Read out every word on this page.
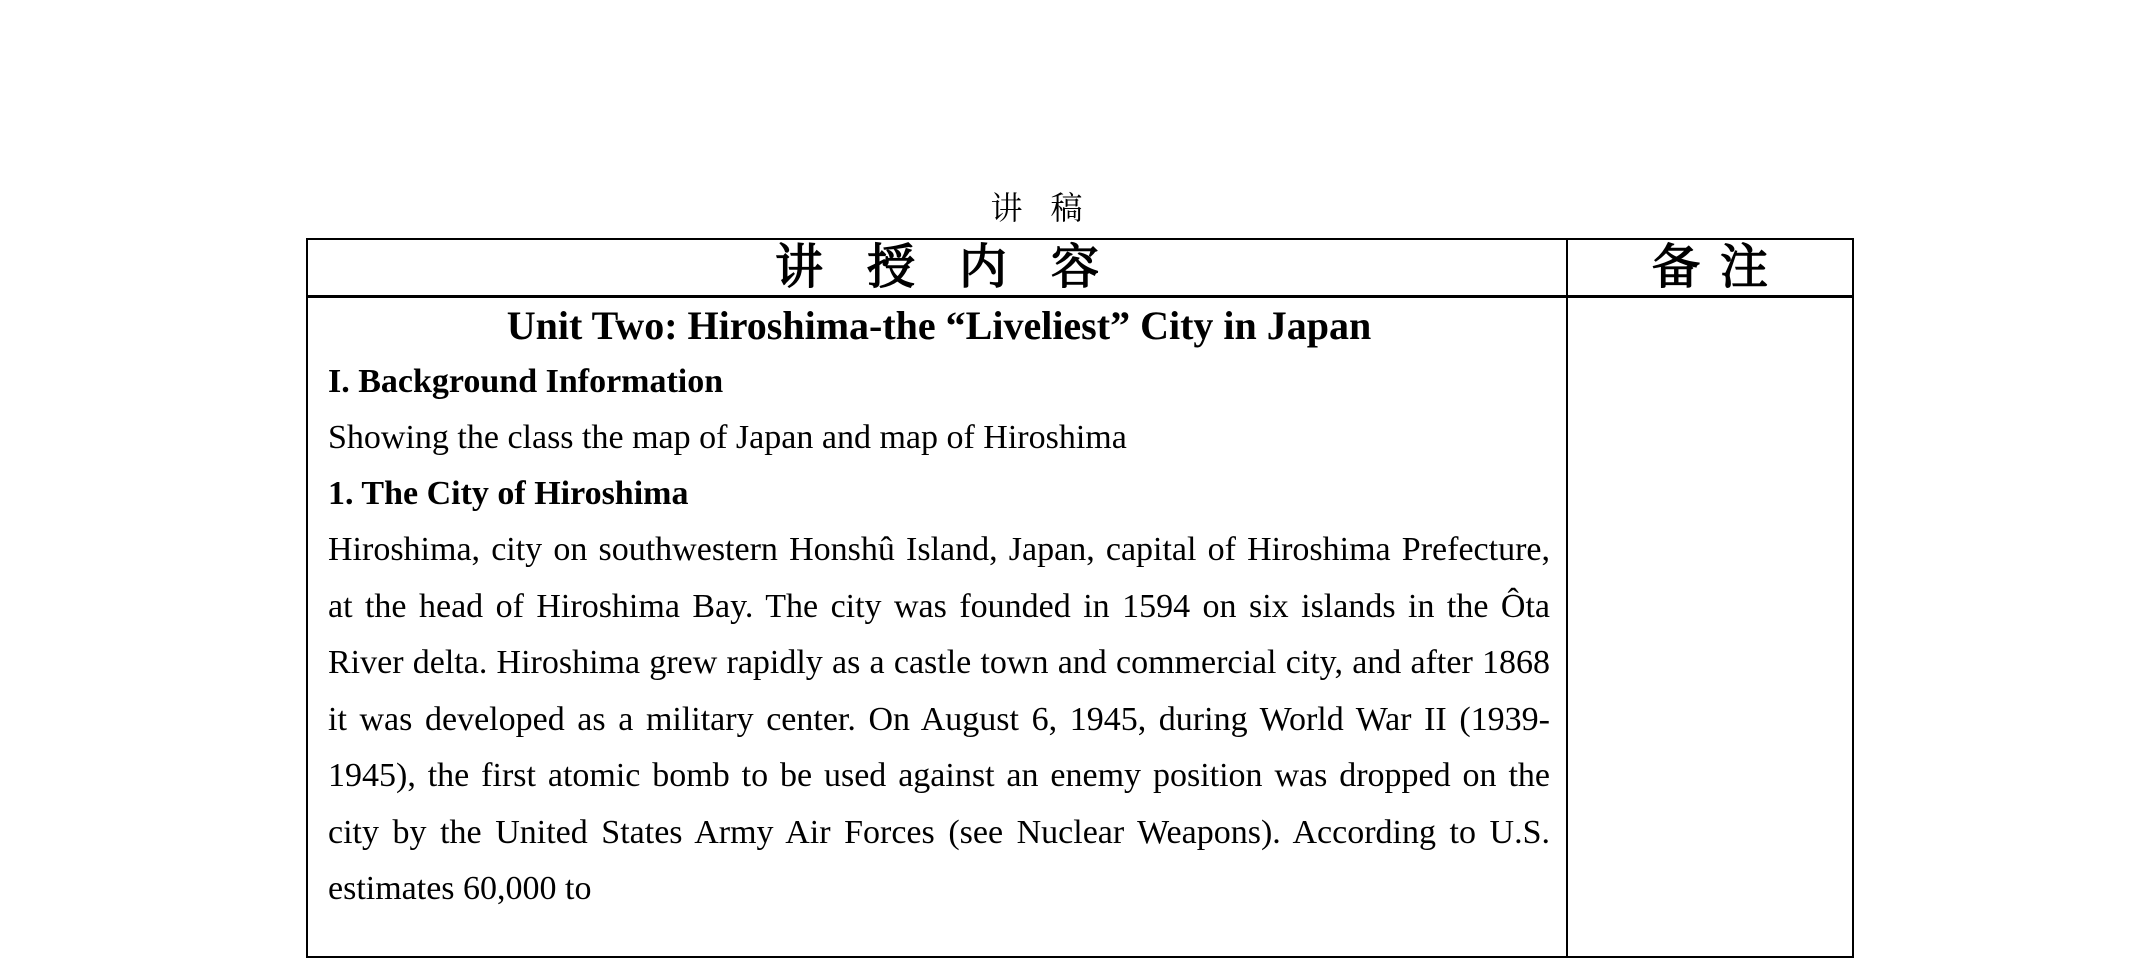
讲稿
讲授内容	备注

Unit Two: Hiroshima-the “Liveliest” City in Japan

I. Background Information

Showing the class the map of Japan and map of Hiroshima

1. The City of Hiroshima

Hiroshima, city on southwestern Honshû Island, Japan, capital of Hiroshima Prefecture, at the head of Hiroshima Bay. The city was founded in 1594 on six islands in the Ôta River delta. Hiroshima grew rapidly as a castle town and commercial city, and after 1868 it was developed as a military center. On August 6, 1945, during World War II (1939-1945), the first atomic bomb to be used against an enemy position was dropped on the city by the United States Army Air Forces (see Nuclear Weapons). According to U.S. estimates 60,000 to
